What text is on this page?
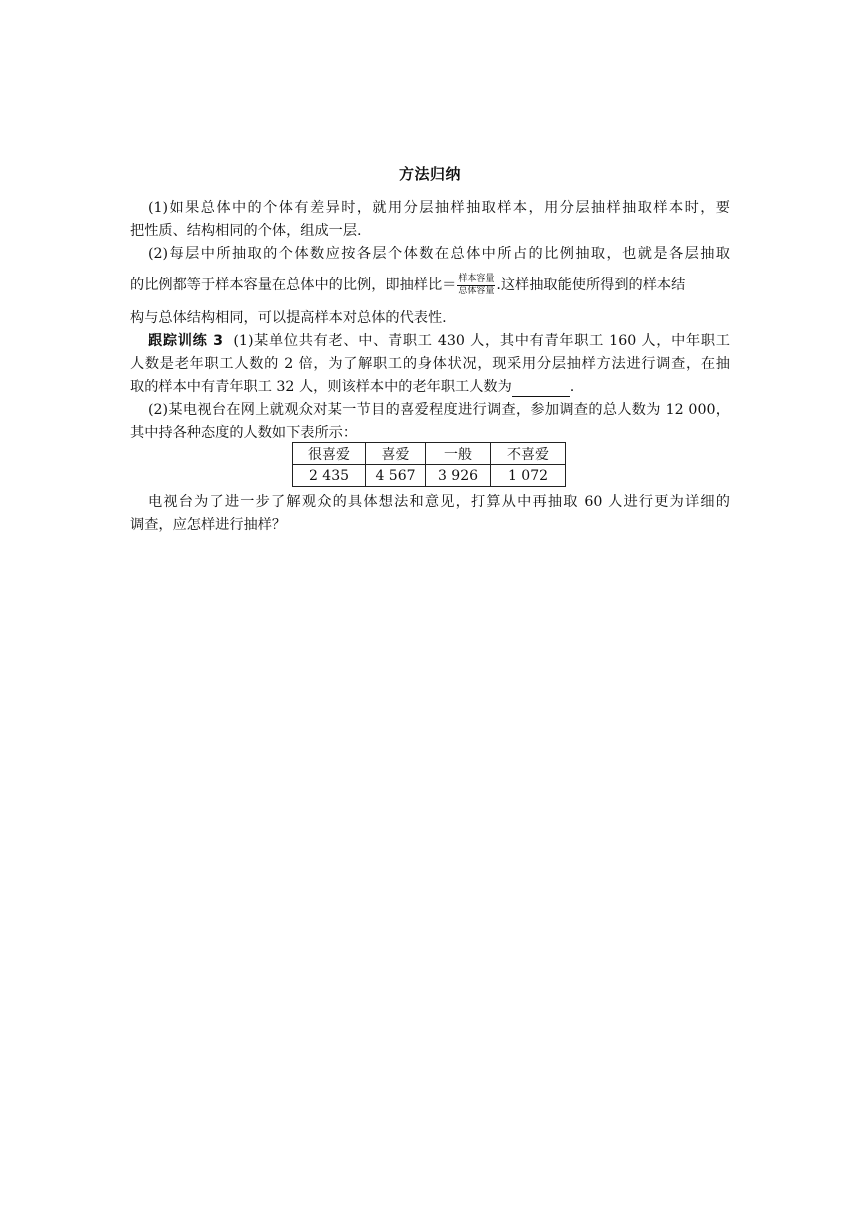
方法归纳
(1)如果总体中的个体有差异时，就用分层抽样抽取样本，用分层抽样抽取样本时，要
把性质、结构相同的个体，组成一层.
(2)每层中所抽取的个体数应按各层个体数在总体中所占的比例抽取，也就是各层抽取
的比例都等于样本容量在总体中的比例，即抽样比＝ $\frac{\text{样本容量}}{\text{总体容量}}$ .这样抽取能使所得到的样本结
构与总体结构相同，可以提高样本对总体的代表性.
跟踪训练 3 (1)某单位共有老、中、青职工 430 人，其中有青年职工 160 人，中年职工
人数是老年职工人数的 2 倍，为了解职工的身体状况，现采用分层抽样方法进行调查，在抽
取的样本中有青年职工 32 人，则该样本中的老年职工人数为	.
(2)某电视台在网上就观众对某一节目的喜爱程度进行调查，参加调查的总人数为 12 000，
其中持各种态度的人数如下表所示：
很喜爱	喜爱	一般	不喜爱
2 435	4 567	3 926	1 072
电视台为了进一步了解观众的具体想法和意见，打算从中再抽取 60 人进行更为详细的
调查，应怎样进行抽样？
